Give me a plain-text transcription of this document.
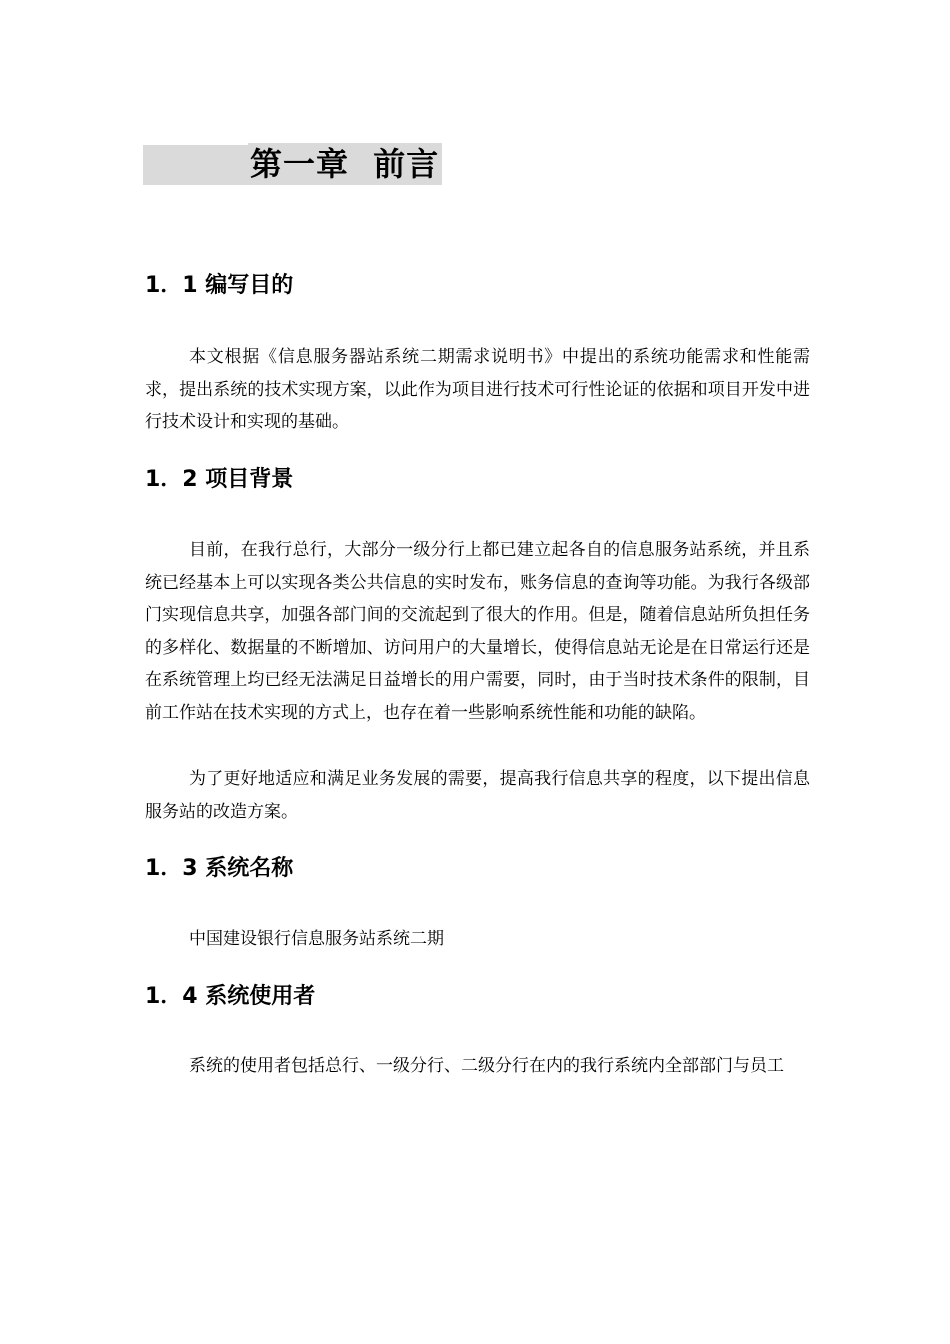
第一章  前言
1．1 编写目的

本文根据《信息服务器站系统二期需求说明书》中提出的系统功能需求和性能需求，提出系统的技术实现方案，以此作为项目进行技术可行性论证的依据和项目开发中进行技术设计和实现的基础。

1．2 项目背景

目前，在我行总行，大部分一级分行上都已建立起各自的信息服务站系统，并且系统已经基本上可以实现各类公共信息的实时发布，账务信息的查询等功能。为我行各级部门实现信息共享，加强各部门间的交流起到了很大的作用。但是，随着信息站所负担任务的多样化、数据量的不断增加、访问用户的大量增长，使得信息站无论是在日常运行还是在系统管理上均已经无法满足日益增长的用户需要，同时，由于当时技术条件的限制，目前工作站在技术实现的方式上，也存在着一些影响系统性能和功能的缺陷。

为了更好地适应和满足业务发展的需要，提高我行信息共享的程度，以下提出信息服务站的改造方案。

1．3 系统名称

中国建设银行信息服务站系统二期

1．4 系统使用者

系统的使用者包括总行、一级分行、二级分行在内的我行系统内全部部门与员工
